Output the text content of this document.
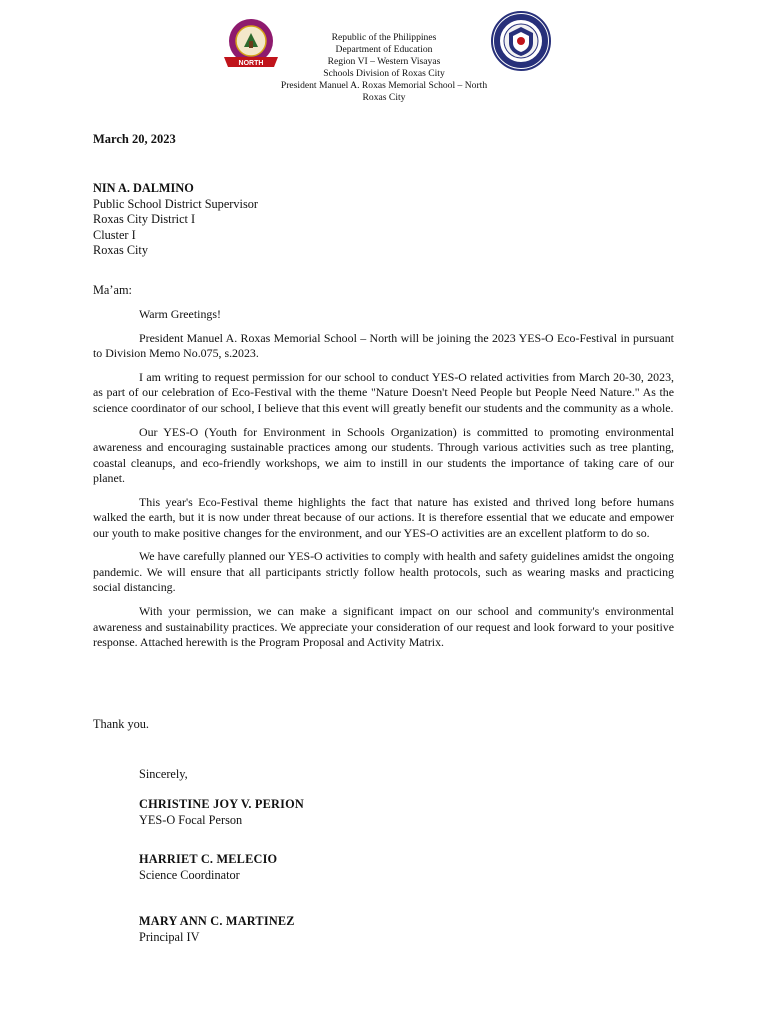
NORTH
Republic of the Philippines
Department of Education
Region VI – Western Visayas
Schools Division of Roxas City
President Manuel A. Roxas Memorial School – North
Roxas City
March 20, 2023
NIN A. DALMINO
Public School District Supervisor
Roxas City District I
Cluster I
Roxas City
Ma’am:

Warm Greetings!

President Manuel A. Roxas Memorial School – North will be joining the 2023 YES-O Eco-Festival in pursuant to Division Memo No.075, s.2023.

I am writing to request permission for our school to conduct YES-O related activities from March 20-30, 2023, as part of our celebration of Eco-Festival with the theme "Nature Doesn't Need People but People Need Nature." As the science coordinator of our school, I believe that this event will greatly benefit our students and the community as a whole.

Our YES-O (Youth for Environment in Schools Organization) is committed to promoting environmental awareness and encouraging sustainable practices among our students. Through various activities such as tree planting, coastal cleanups, and eco-friendly workshops, we aim to instill in our students the importance of taking care of our planet.

This year's Eco-Festival theme highlights the fact that nature has existed and thrived long before humans walked the earth, but it is now under threat because of our actions. It is therefore essential that we educate and empower our youth to make positive changes for the environment, and our YES-O activities are an excellent platform to do so.

We have carefully planned our YES-O activities to comply with health and safety guidelines amidst the ongoing pandemic. We will ensure that all participants strictly follow health protocols, such as wearing masks and practicing social distancing.

With your permission, we can make a significant impact on our school and community's environmental awareness and sustainability practices. We appreciate your consideration of our request and look forward to your positive response. Attached herewith is the Program Proposal and Activity Matrix.

Thank you.
Sincerely,
CHRISTINE JOY V. PERION
YES-O Focal Person
HARRIET C. MELECIO
Science Coordinator
MARY ANN C. MARTINEZ
Principal IV
